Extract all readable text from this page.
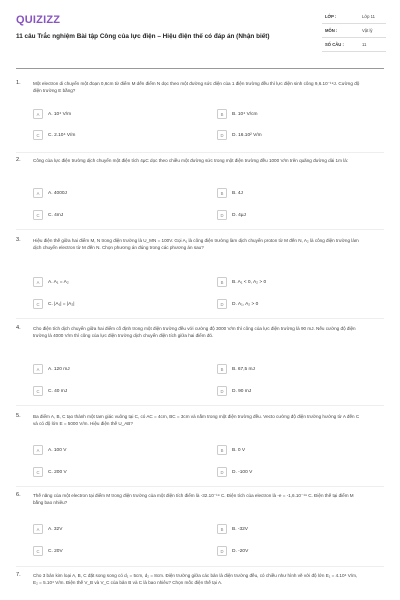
QUIZIZZ
11 câu Trắc nghiệm Bài tập Công của lực điện – Hiệu điện thế có đáp án (Nhận biết)
LỚP :	Lớp 11
MÔN :	Vật lý
SỐ CÂU :	11
1.	Một electron di chuyển một đoạn 0,6cm từ điểm M dến điểm N dọc theo một đường sức điện của 1 điện trường đều thì lực điện sinh công 9,6.10⁻¹⁹J. Cường độ điện trường E bằng?
A	A. 10⁴ V/m	B	B. 10⁴ V/cm
C	C. 2.10⁴ V/m	D	D. 16.10² V/m
2.	Công của lực điện trường dịch chuyển một điện tích 4μC dọc theo chiều một đường sức trong một điện trường đều 1000 V/m trên quãng đường dài 1m là:
A	A. 4000J	B	B. 4J
C	C. 4mJ	D	D. 4μJ
3.	Hiệu điện thế giữa hai điểm M, N trong điện trường là U_MN = 100V. Gọi A₁ là công điện trường làm dịch chuyển proton từ M đến N, A₂ là công điện trường làm dịch chuyển electron từ M đến N. Chọn phương án đúng trong các phương án sau?
A	A. A₁ = A₂	B	B. A₁ < 0, A₂ > 0
C	C. |A₁| = |A₂|	D	D. A₁, A₂ > 0
4.	Cho điện tích dịch chuyển giữa hai điểm cố định trong một điện trường đều với cường độ 3000 V/m thì công của lực điện trường là 90 mJ. Nếu cường độ điện trường là 4000 V/m thì công của lực điện trường dịch chuyển điện tích giữa hai điểm đó.
A	A. 120 mJ	B	B. 67,5 mJ
C	C. 40 mJ	D	D. 90 mJ
5.	Ba điểm A, B, C tạo thành một tam giác vuông tại C, có AC = 4cm, BC = 3cm và nằm trong một điện trường đều. Vecto cường độ điện trường hướng từ A đến C và có độ lớn E = 5000 V/m. Hiệu điện thế U_AB?
A	A. 100 V	B	B. 0 V
C	C. 200 V	D	D. -100 V
6.	Thế năng của một electron tại điểm M trong điện trường của một điện tích điểm là -32.10⁻¹⁹ C. Điện tích của electron là -e = -1,6.10⁻¹⁹ C. Điện thế tại điểm M bằng bao nhiêu?
A	A. 32V	B	B. -32V
C	C. 20V	D	D. -20V
7.	Cho 3 bản kim loại A, B, C đặt song song có d₁ = 5cm, d₂ = 8cm. Điện trường giữa các bản là điện trường đều, có chiều như hình vẽ với độ lớn E₁ = 4.10⁴ V/m, E₂ = 5.10⁴ V/m. Điện thế V_B và V_C của bản B và C là bao nhiêu? Chọn mốc điện thế tại A.
